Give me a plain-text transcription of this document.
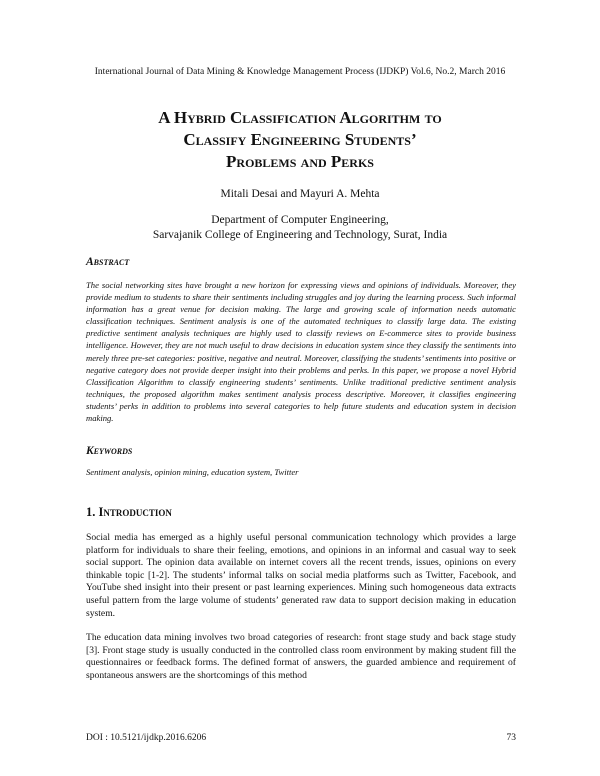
International Journal of Data Mining & Knowledge Management Process (IJDKP) Vol.6, No.2, March 2016
A Hybrid Classification Algorithm to
Classify Engineering Students’
Problems and Perks
Mitali Desai and Mayuri A. Mehta
Department of Computer Engineering,
Sarvajanik College of Engineering and Technology, Surat, India
Abstract

The social networking sites have brought a new horizon for expressing views and opinions of individuals. Moreover, they provide medium to students to share their sentiments including struggles and joy during the learning process. Such informal information has a great venue for decision making. The large and growing scale of information needs automatic classification techniques. Sentiment analysis is one of the automated techniques to classify large data. The existing predictive sentiment analysis techniques are highly used to classify reviews on E-commerce sites to provide business intelligence. However, they are not much useful to draw decisions in education system since they classify the sentiments into merely three pre-set categories: positive, negative and neutral. Moreover, classifying the students’ sentiments into positive or negative category does not provide deeper insight into their problems and perks. In this paper, we propose a novel Hybrid Classification Algorithm to classify engineering students’ sentiments. Unlike traditional predictive sentiment analysis techniques, the proposed algorithm makes sentiment analysis process descriptive. Moreover, it classifies engineering students’ perks in addition to problems into several categories to help future students and education system in decision making.

Keywords

Sentiment analysis, opinion mining, education system, Twitter

1. Introduction

Social media has emerged as a highly useful personal communication technology which provides a large platform for individuals to share their feeling, emotions, and opinions in an informal and casual way to seek social support. The opinion data available on internet covers all the recent trends, issues, opinions on every thinkable topic [1-2]. The students’ informal talks on social media platforms such as Twitter, Facebook, and YouTube shed insight into their present or past learning experiences. Mining such homogeneous data extracts useful pattern from the large volume of students’ generated raw data to support decision making in education system.

The education data mining involves two broad categories of research: front stage study and back stage study [3]. Front stage study is usually conducted in the controlled class room environment by making student fill the questionnaires or feedback forms. The defined format of answers, the guarded ambience and requirement of spontaneous answers are the shortcomings of this method

DOI : 10.5121/ijdkp.2016.6206	73
